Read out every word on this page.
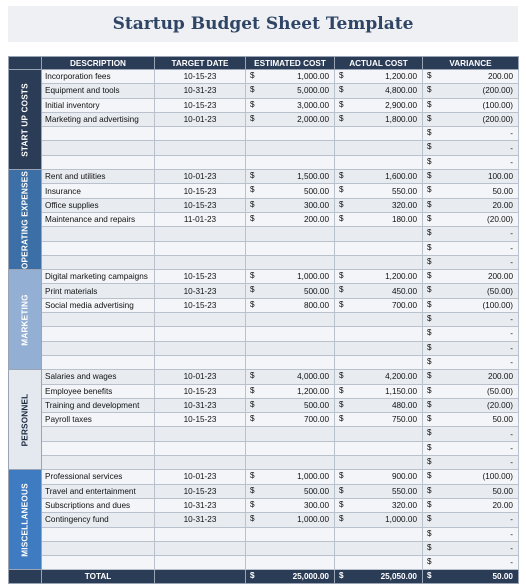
Startup Budget Sheet Template
	DESCRIPTION	TARGET DATE	ESTIMATED COST	ACTUAL COST	VARIANCE

START UP COSTS	Incorporation fees	10-15-23	$ 1,000.00	$ 1,200.00	$ 200.00

	Equipment and tools	10-31-23	$ 5,000.00	$ 4,800.00	$ (200.00)

	Initial inventory	10-15-23	$ 3,000.00	$ 2,900.00	$ (100.00)

	Marketing and advertising	10-01-23	$ 2,000.00	$ 1,800.00	$ (200.00)

					$ -

					$ -

					$ -

OPERATING EXPENSES	Rent and utilities	10-01-23	$ 1,500.00	$ 1,600.00	$ 100.00

	Insurance	10-15-23	$ 500.00	$ 550.00	$ 50.00

	Office supplies	10-15-23	$ 300.00	$ 320.00	$ 20.00

	Maintenance and repairs	11-01-23	$ 200.00	$ 180.00	$ (20.00)

					$ -

					$ -

					$ -

MARKETING	Digital marketing campaigns	10-15-23	$ 1,000.00	$ 1,200.00	$ 200.00

	Print materials	10-31-23	$ 500.00	$ 450.00	$ (50.00)

	Social media advertising	10-15-23	$ 800.00	$ 700.00	$ (100.00)

					$ -

					$ -

					$ -

					$ -

PERSONNEL	Salaries and wages	10-01-23	$ 4,000.00	$ 4,200.00	$ 200.00

	Employee benefits	10-15-23	$ 1,200.00	$ 1,150.00	$ (50.00)

	Training and development	10-31-23	$ 500.00	$ 480.00	$ (20.00)

	Payroll taxes	10-15-23	$ 700.00	$ 750.00	$ 50.00

					$ -

					$ -

					$ -

MISCELLANEOUS	Professional services	10-01-23	$ 1,000.00	$ 900.00	$ (100.00)

	Travel and entertainment	10-15-23	$ 500.00	$ 550.00	$ 50.00

	Subscriptions and dues	10-31-23	$ 300.00	$ 320.00	$ 20.00

	Contingency fund	10-31-23	$ 1,000.00	$ 1,000.00	$ -

					$ -

					$ -

					$ -

	TOTAL		$ 25,000.00	$ 25,050.00	$ 50.00
